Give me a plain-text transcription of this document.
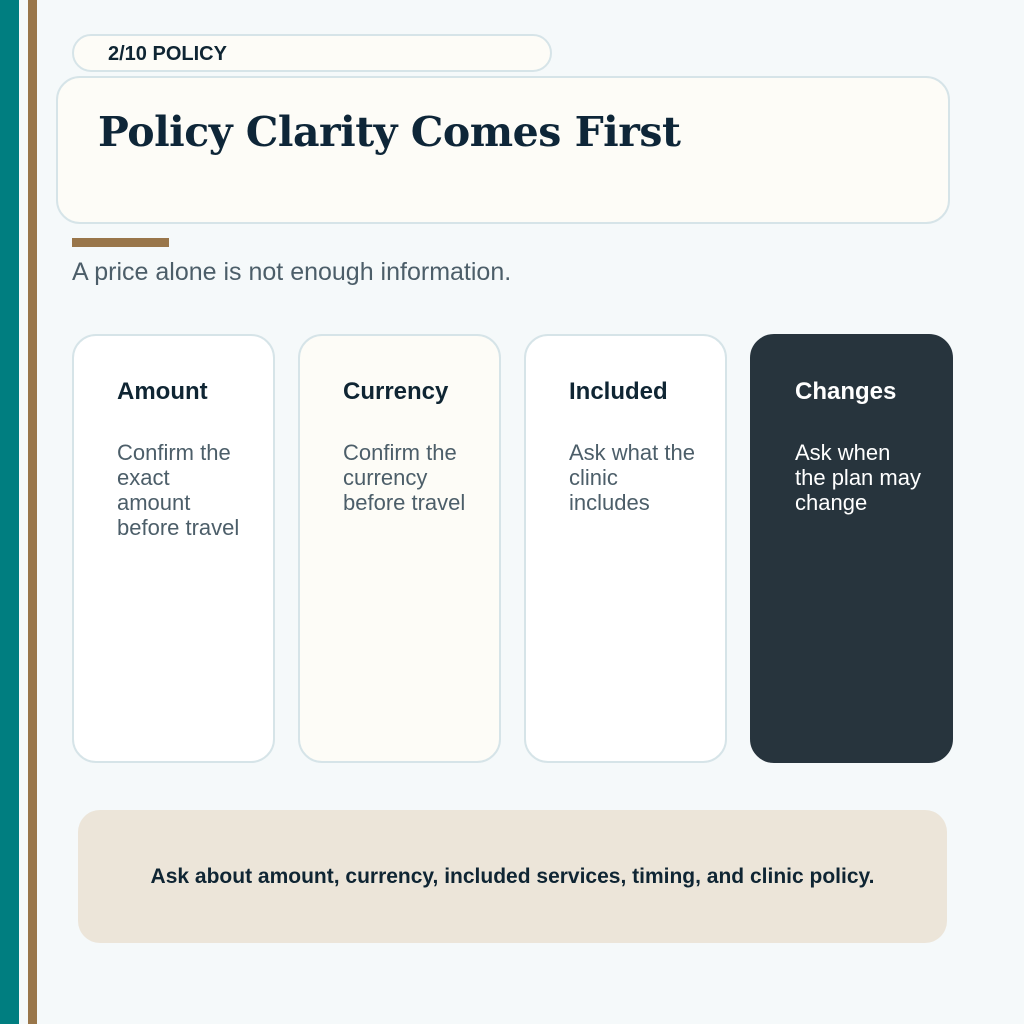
2/10 POLICY
Policy Clarity Comes First

A price alone is not enough information.

Amount

Confirm the exact amount before travel

Currency

Confirm the currency before travel

Included

Ask what the clinic includes

Changes

Ask when the plan may change

Ask about amount, currency, included services, timing, and clinic policy.
